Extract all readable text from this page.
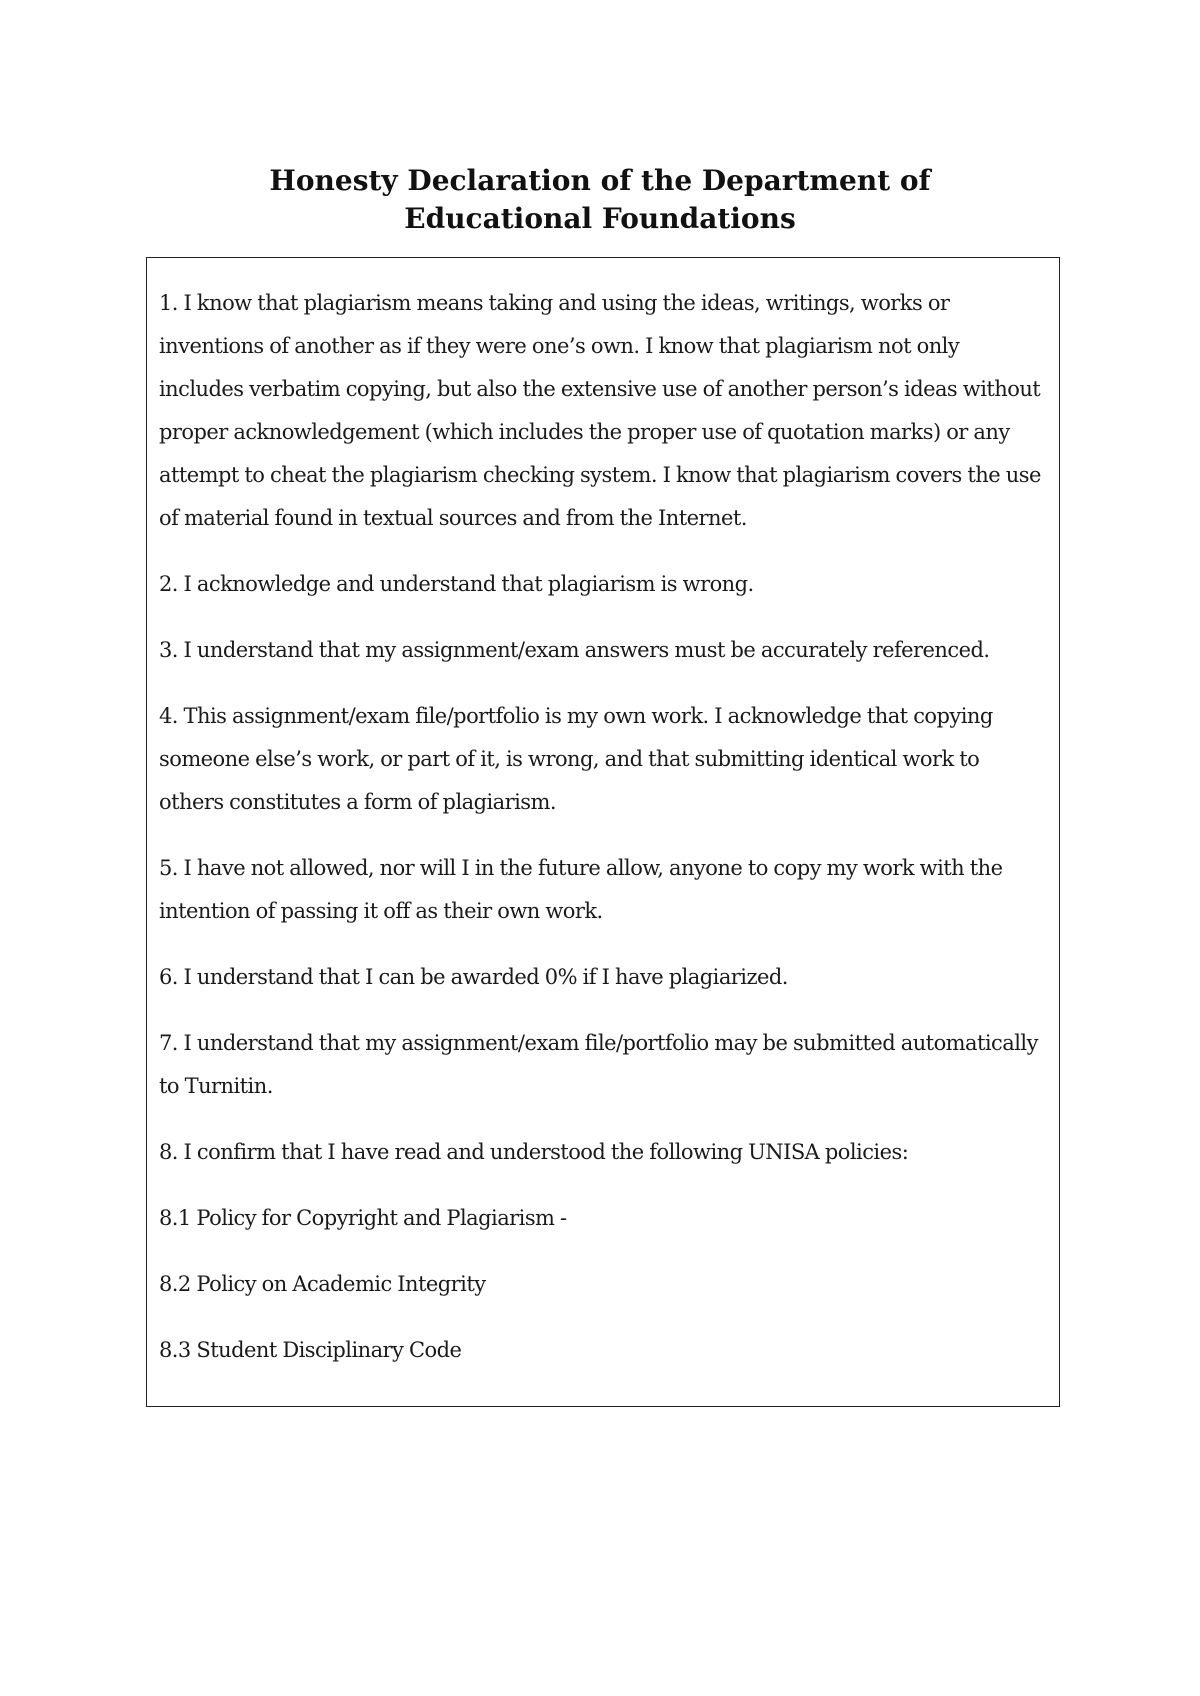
Honesty Declaration of the Department of Educational Foundations

1. I know that plagiarism means taking and using the ideas, writings, works or inventions of another as if they were one’s own. I know that plagiarism not only includes verbatim copying, but also the extensive use of another person’s ideas without proper acknowledgement (which includes the proper use of quotation marks) or any attempt to cheat the plagiarism checking system. I know that plagiarism covers the use of material found in textual sources and from the Internet.

2. I acknowledge and understand that plagiarism is wrong.

3. I understand that my assignment/exam answers must be accurately referenced.

4. This assignment/exam file/portfolio is my own work. I acknowledge that copying someone else’s work, or part of it, is wrong, and that submitting identical work to others constitutes a form of plagiarism.

5. I have not allowed, nor will I in the future allow, anyone to copy my work with the intention of passing it off as their own work.

6. I understand that I can be awarded 0% if I have plagiarized.

7. I understand that my assignment/exam file/portfolio may be submitted automatically to Turnitin.

8. I confirm that I have read and understood the following UNISA policies:

8.1 Policy for Copyright and Plagiarism -

8.2 Policy on Academic Integrity

8.3 Student Disciplinary Code
